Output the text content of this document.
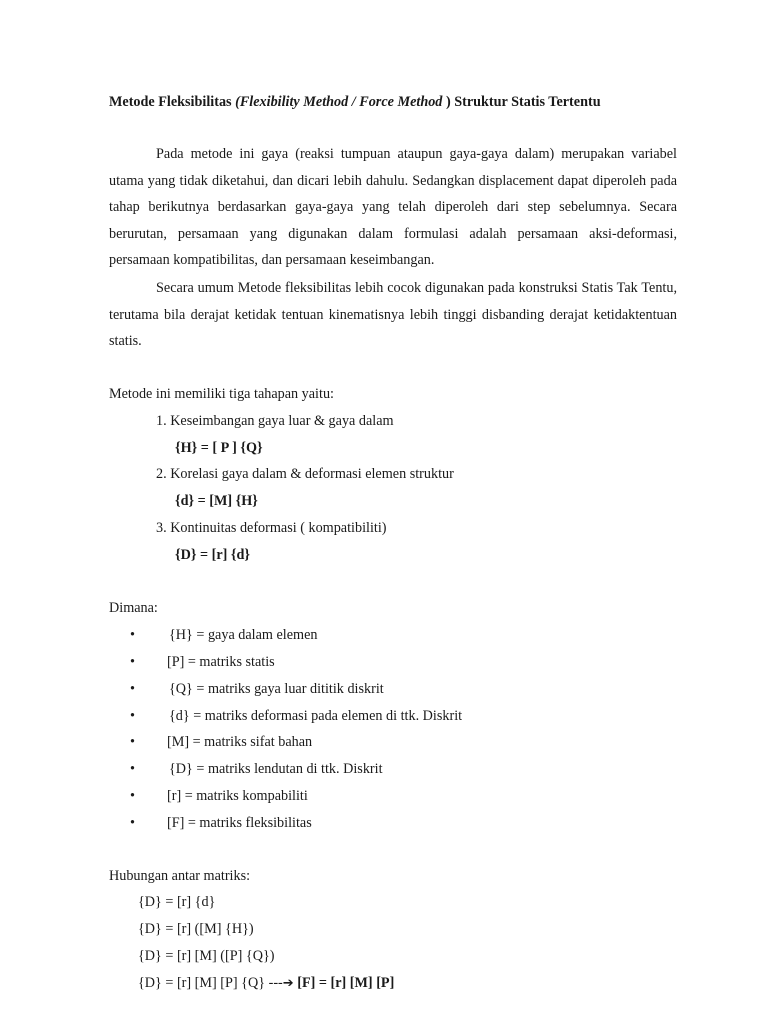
Metode Fleksibilitas (Flexibility Method / Force Method ) Struktur Statis Tertentu

Pada metode ini gaya (reaksi tumpuan ataupun gaya-gaya dalam) merupakan variabel utama yang tidak diketahui, dan dicari lebih dahulu. Sedangkan displacement dapat diperoleh pada tahap berikutnya berdasarkan gaya-gaya yang telah diperoleh dari step sebelumnya. Secara berurutan, persamaan yang digunakan dalam formulasi adalah persamaan aksi-deformasi, persamaan kompatibilitas, dan persamaan keseimbangan.

Secara umum Metode fleksibilitas lebih cocok digunakan pada konstruksi Statis Tak Tentu, terutama bila derajat ketidak tentuan kinematisnya lebih tinggi disbanding derajat ketidaktentuan statis.

Metode ini memiliki tiga tahapan yaitu:
1. Keseimbangan gaya luar & gaya dalam
{H} = [ P ] {Q}
2. Korelasi gaya dalam & deformasi elemen struktur
{d} = [M] {H}
3. Kontinuitas deformasi ( kompatibiliti)
{D} = [r] {d}
Dimana:
• {H} = gaya dalam elemen
• [P] = matriks statis
• {Q} = matriks gaya luar dititik diskrit
• {d} = matriks deformasi pada elemen di ttk. Diskrit
• [M] = matriks sifat bahan
• {D} = matriks lendutan di ttk. Diskrit
• [r] = matriks kompabiliti
• [F] = matriks fleksibilitas
Hubungan antar matriks:
{D} = [r] {d}
{D} = [r] ([M] {H})
{D} = [r] [M] ([P] {Q})
{D} = [r] [M] [P] {Q} ---➔ [F] = [r] [M] [P]
